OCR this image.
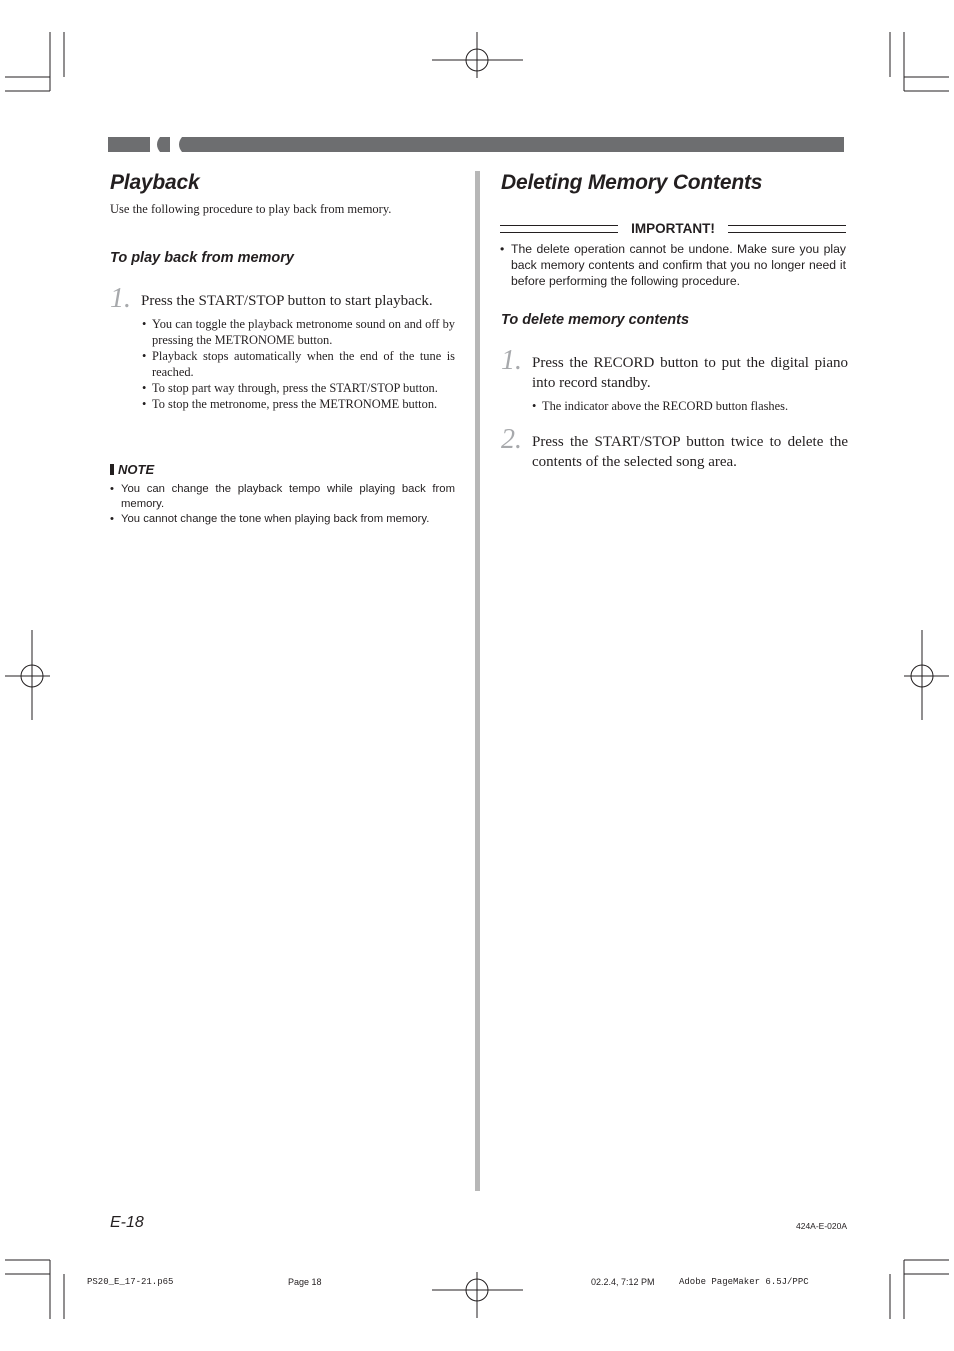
Playback
Use the following procedure to play back from memory.
To play back from memory
1. Press the START/STOP button to start playback.
• You can toggle the playback metronome sound on and off by pressing the METRONOME button.
• Playback stops automatically when the end of the tune is reached.
• To stop part way through, press the START/STOP button.
• To stop the metronome, press the METRONOME button.
NOTE
• You can change the playback tempo while playing back from memory.
• You cannot change the tone when playing back from memory.
Deleting Memory Contents
IMPORTANT!
• The delete operation cannot be undone. Make sure you play back memory contents and confirm that you no longer need it before performing the following procedure.
To delete memory contents
1. Press the RECORD button to put the digital piano into record standby.
• The indicator above the RECORD button flashes.
2. Press the START/STOP button twice to delete the contents of the selected song area.
E-18	424A-E-020A
PS20_E_17-21.p65	Page 18	02.2.4, 7:12 PM	Adobe PageMaker 6.5J/PPC
